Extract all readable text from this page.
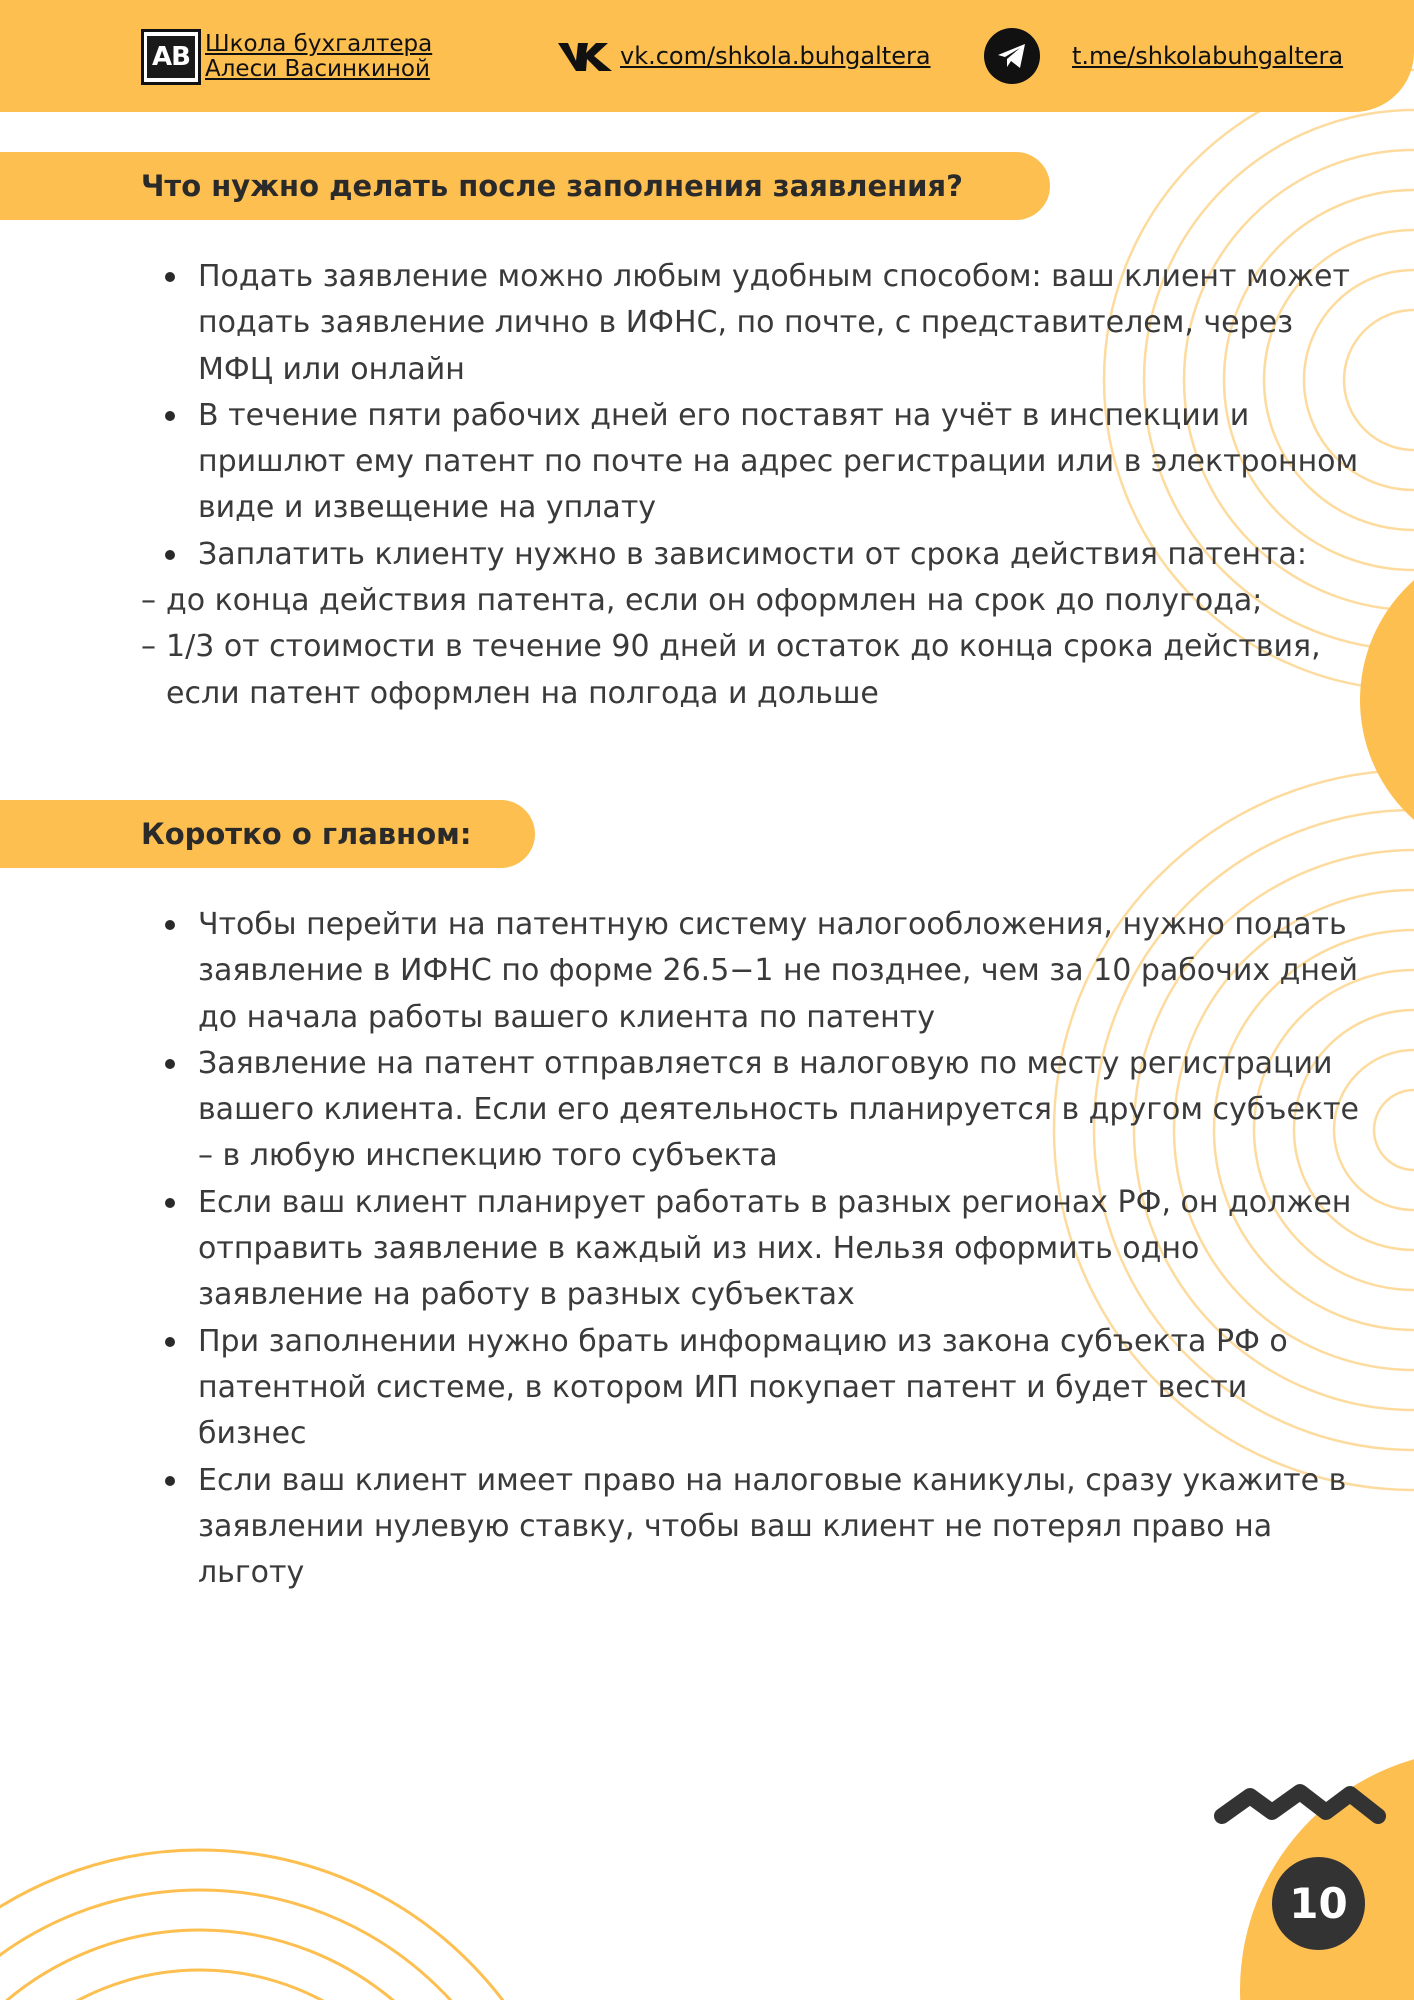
АВ Школа бухгалтера
Алеси Васинкиной	vk.com/shkola.buhgaltera	t.me/shkolabuhgaltera
Что нужно делать после заполнения заявления?
Подать заявление можно любым удобным способом: ваш клиент может подать заявление лично в ИФНС, по почте, с представителем, через МФЦ или онлайн
В течение пяти рабочих дней его поставят на учёт в инспекции и пришлют ему патент по почте на адрес регистрации или в электронном виде и извещение на уплату
Заплатить клиенту нужно в зависимости от срока действия патента:
– до конца действия патента, если он оформлен на срок до полугода;
– 1/3 от стоимости в течение 90 дней и остаток до конца срока действия, если патент оформлен на полгода и дольше
Коротко о главном:
Чтобы перейти на патентную систему налогообложения, нужно подать заявление в ИФНС по форме 26.5−1 не позднее, чем за 10 рабочих дней до начала работы вашего клиента по патенту
Заявление на патент отправляется в налоговую по месту регистрации вашего клиента. Если его деятельность планируется в другом субъекте – в любую инспекцию того субъекта
Если ваш клиент планирует работать в разных регионах РФ, он должен отправить заявление в каждый из них. Нельзя оформить одно заявление на работу в разных субъектах
При заполнении нужно брать информацию из закона субъекта РФ о патентной системе, в котором ИП покупает патент и будет вести бизнес
Если ваш клиент имеет право на налоговые каникулы, сразу укажите в заявлении нулевую ставку, чтобы ваш клиент не потерял право на льготу
10
